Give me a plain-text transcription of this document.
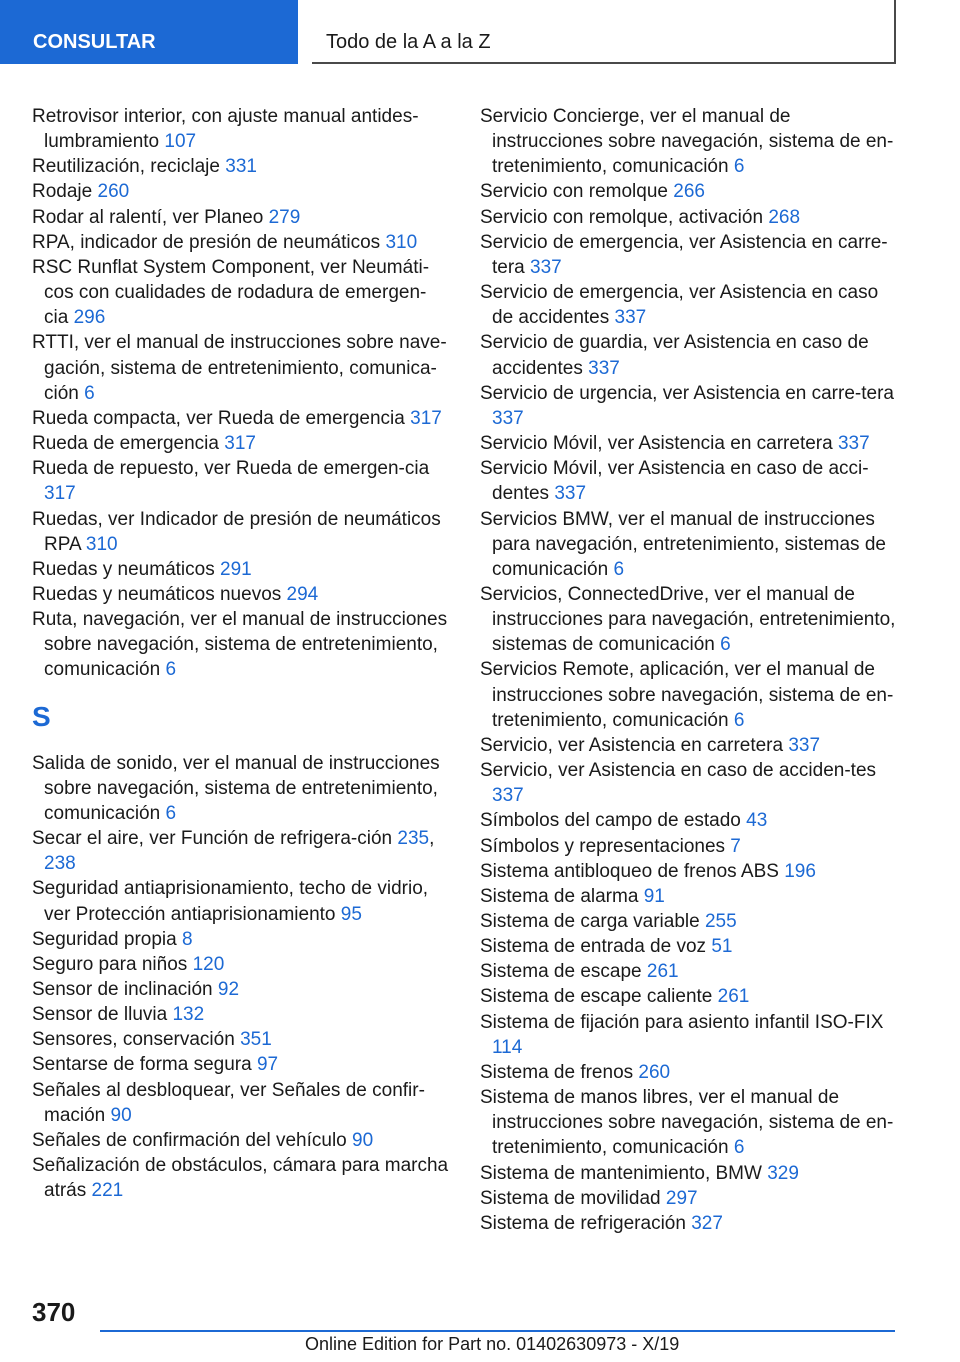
CONSULTAR	Todo de la A a la Z

Retrovisor interior, con ajuste manual antides-lumbramiento 107

Reutilización, reciclaje 331

Rodaje 260

Rodar al ralentí, ver Planeo 279

RPA, indicador de presión de neumáticos 310

RSC Runflat System Component, ver Neumáti-cos con cualidades de rodadura de emergen-cia 296

RTTI, ver el manual de instrucciones sobre nave-gación, sistema de entretenimiento, comunica-ción 6

Rueda compacta, ver Rueda de emergencia 317

Rueda de emergencia 317

Rueda de repuesto, ver Rueda de emergen-cia 317

Ruedas, ver Indicador de presión de neumáticos RPA 310

Ruedas y neumáticos 291

Ruedas y neumáticos nuevos 294

Ruta, navegación, ver el manual de instrucciones sobre navegación, sistema de entretenimiento, comunicación 6

S

Salida de sonido, ver el manual de instrucciones sobre navegación, sistema de entretenimiento, comunicación 6

Secar el aire, ver Función de refrigera-ción 235, 238

Seguridad antiaprisionamiento, techo de vidrio, ver Protección antiaprisionamiento 95

Seguridad propia 8

Seguro para niños 120

Sensor de inclinación 92

Sensor de lluvia 132

Sensores, conservación 351

Sentarse de forma segura 97

Señales al desbloquear, ver Señales de confir-mación 90

Señales de confirmación del vehículo 90

Señalización de obstáculos, cámara para marcha atrás 221

Servicio Concierge, ver el manual de instrucciones sobre navegación, sistema de en-tretenimiento, comunicación 6

Servicio con remolque 266

Servicio con remolque, activación 268

Servicio de emergencia, ver Asistencia en carre-tera 337

Servicio de emergencia, ver Asistencia en caso de accidentes 337

Servicio de guardia, ver Asistencia en caso de accidentes 337

Servicio de urgencia, ver Asistencia en carre-tera 337

Servicio Móvil, ver Asistencia en carretera 337

Servicio Móvil, ver Asistencia en caso de acci-dentes 337

Servicios BMW, ver el manual de instrucciones para navegación, entretenimiento, sistemas de comunicación 6

Servicios, ConnectedDrive, ver el manual de instrucciones para navegación, entretenimiento, sistemas de comunicación 6

Servicios Remote, aplicación, ver el manual de instrucciones sobre navegación, sistema de en-tretenimiento, comunicación 6

Servicio, ver Asistencia en carretera 337

Servicio, ver Asistencia en caso de acciden-tes 337

Símbolos del campo de estado 43

Símbolos y representaciones 7

Sistema antibloqueo de frenos ABS 196

Sistema de alarma 91

Sistema de carga variable 255

Sistema de entrada de voz 51

Sistema de escape 261

Sistema de escape caliente 261

Sistema de fijación para asiento infantil ISO-FIX 114

Sistema de frenos 260

Sistema de manos libres, ver el manual de instrucciones sobre navegación, sistema de en-tretenimiento, comunicación 6

Sistema de mantenimiento, BMW 329

Sistema de movilidad 297

Sistema de refrigeración 327

370
Online Edition for Part no. 01402630973 - X/19
